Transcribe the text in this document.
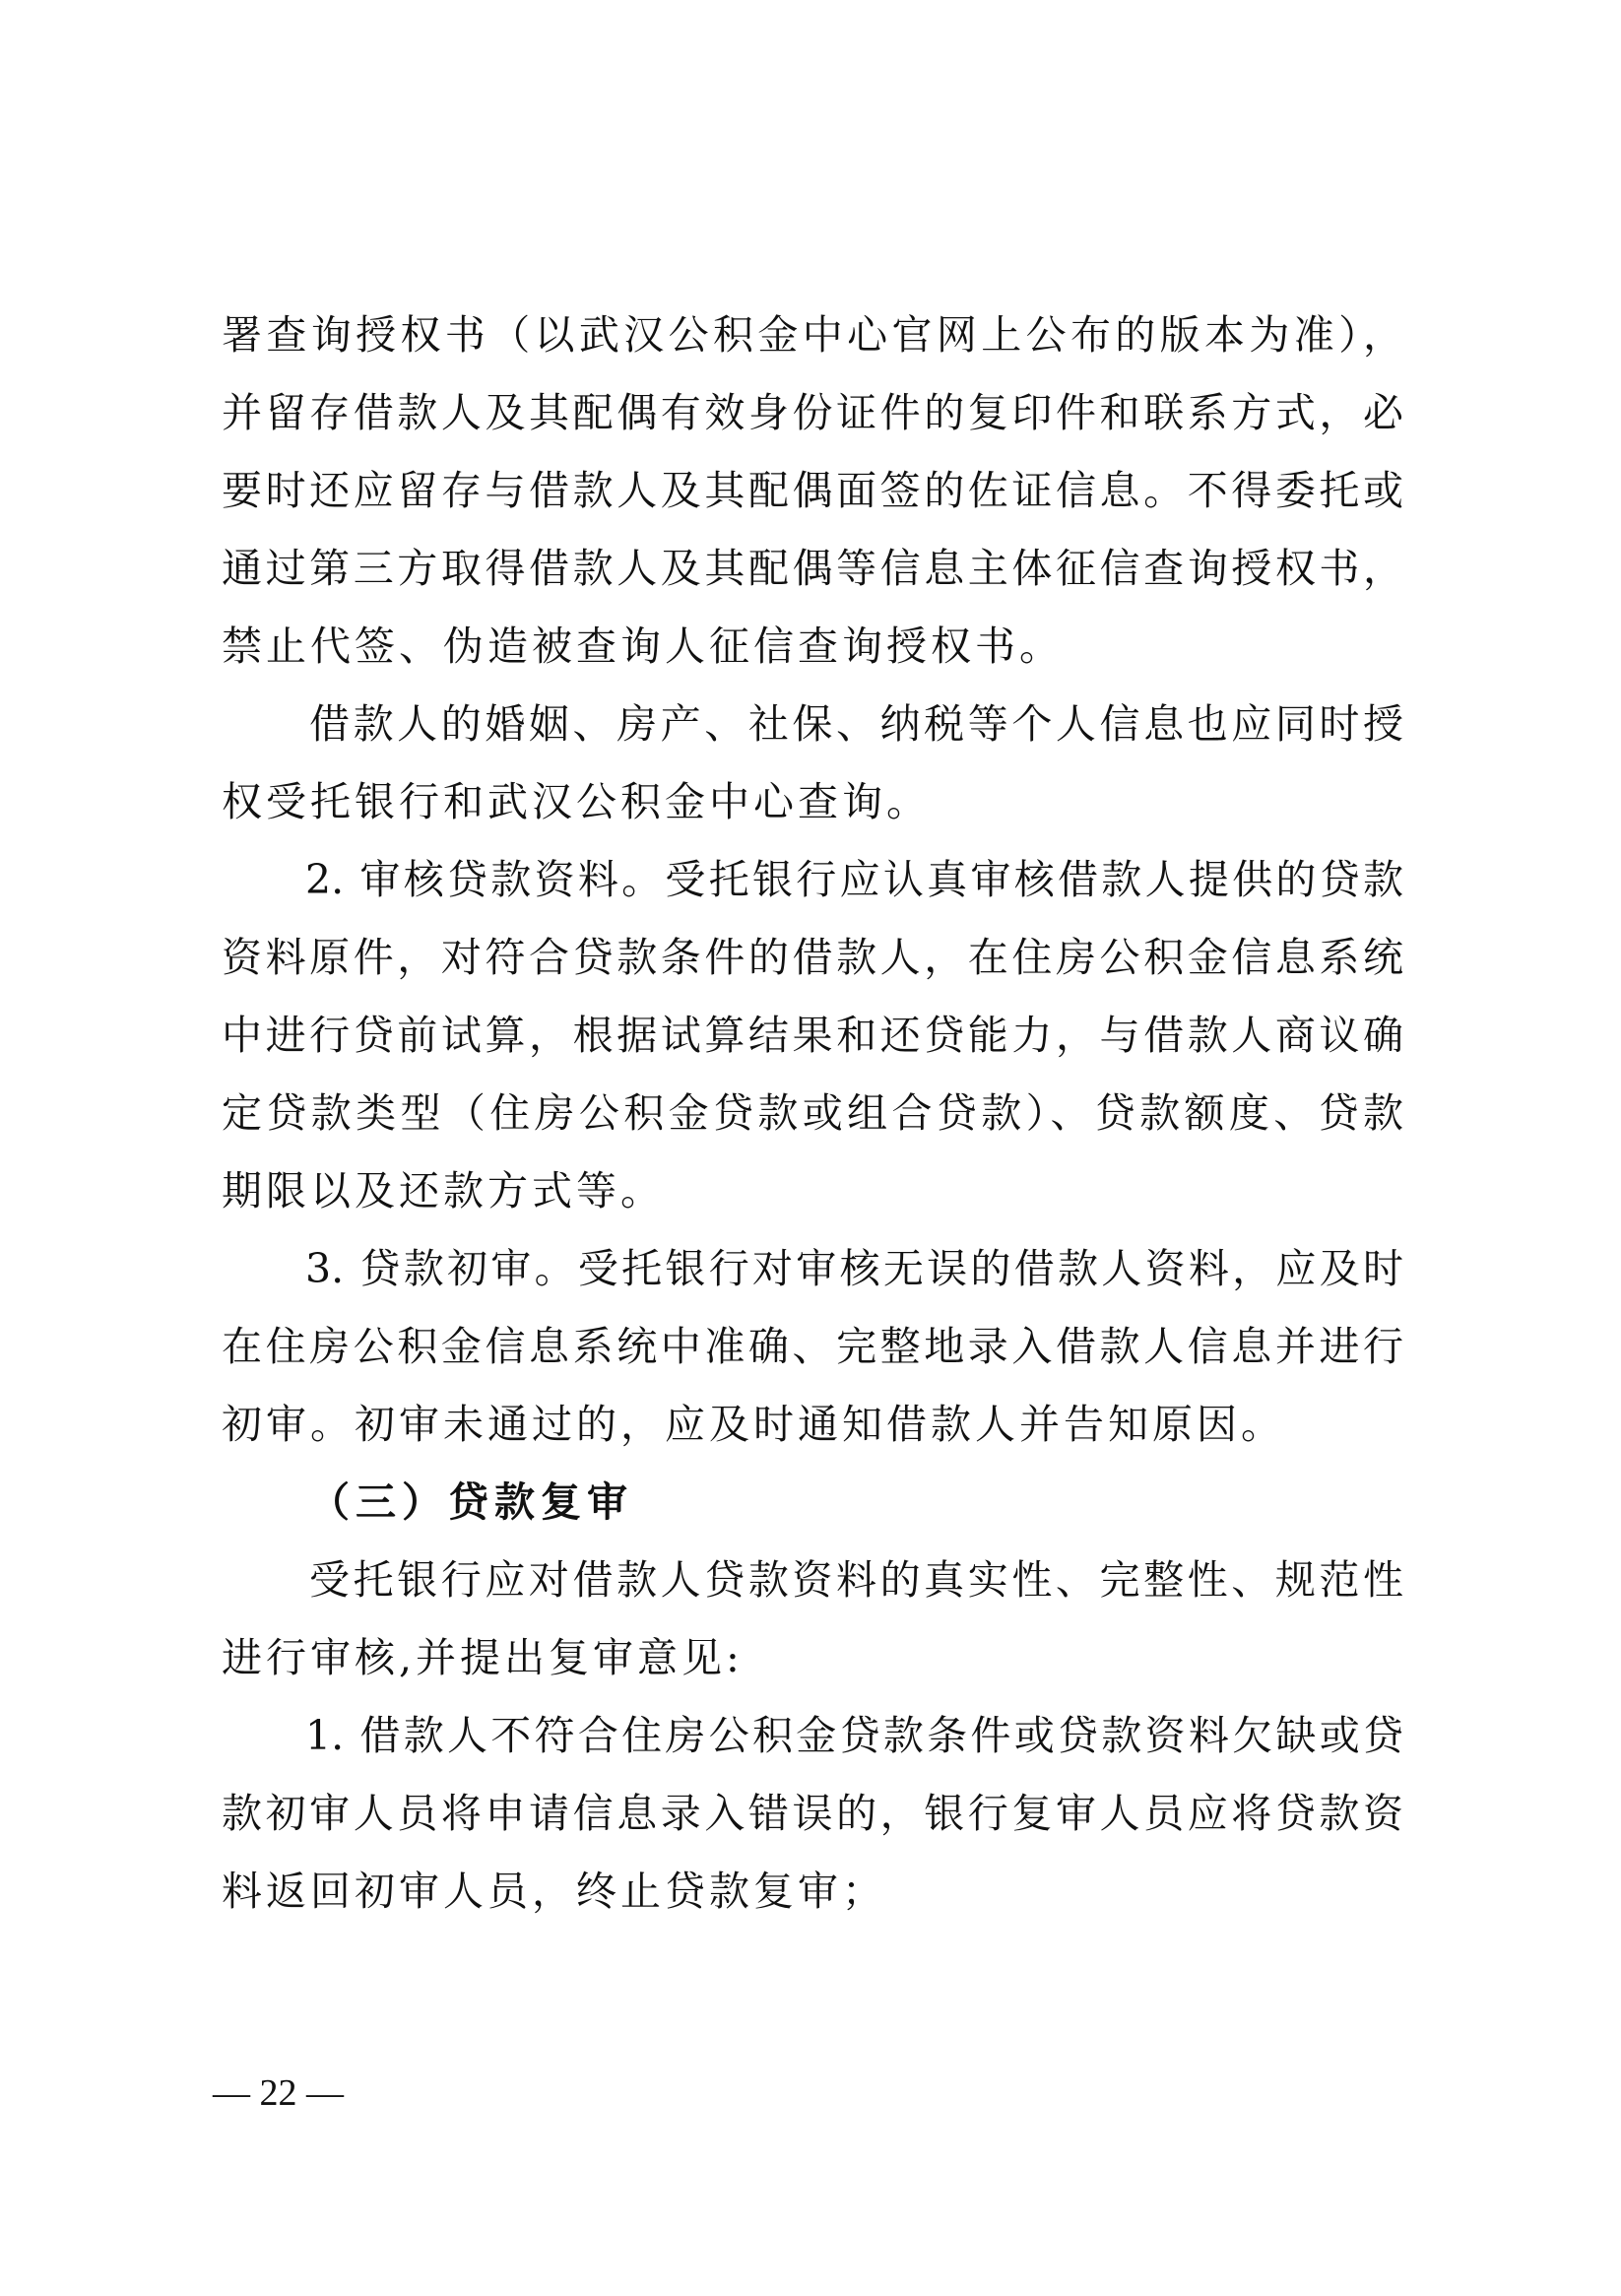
署查询授权书（以武汉公积金中心官网上公布的版本为准），
并留存借款人及其配偶有效身份证件的复印件和联系方式，必
要时还应留存与借款人及其配偶面签的佐证信息。不得委托或
通过第三方取得借款人及其配偶等信息主体征信查询授权书，
禁止代签、伪造被查询人征信查询授权书。
借款人的婚姻、房产、社保、纳税等个人信息也应同时授
权受托银行和武汉公积金中心查询。
2. 审核贷款资料。受托银行应认真审核借款人提供的贷款
资料原件，对符合贷款条件的借款人，在住房公积金信息系统
中进行贷前试算，根据试算结果和还贷能力，与借款人商议确
定贷款类型（住房公积金贷款或组合贷款）、贷款额度、贷款
期限以及还款方式等。
3. 贷款初审。受托银行对审核无误的借款人资料，应及时
在住房公积金信息系统中准确、完整地录入借款人信息并进行
初审。初审未通过的，应及时通知借款人并告知原因。
（三）贷款复审
受托银行应对借款人贷款资料的真实性、完整性、规范性
进行审核,并提出复审意见:
1. 借款人不符合住房公积金贷款条件或贷款资料欠缺或贷
款初审人员将申请信息录入错误的，银行复审人员应将贷款资
料返回初审人员，终止贷款复审；
— 22 —
